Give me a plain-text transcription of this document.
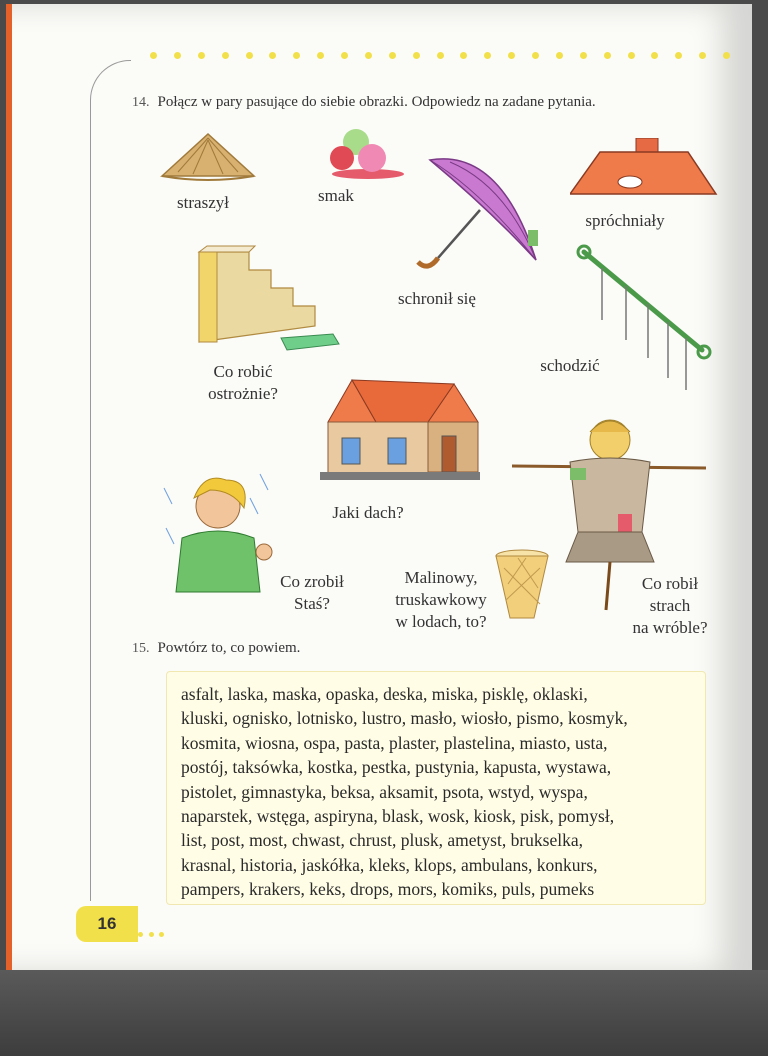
14. Połącz w pary pasujące do siebie obrazki. Odpowiedz na zadane pytania.
straszył	smak
spróchniały
schronił się
Co robić
ostrożnie?
schodzić
Jaki dach?
Co zrobił
Staś?
Malinowy,
truskawkowy
w lodach, to?
Co robił
strach
na wróble?
15. Powtórz to, co powiem.

asfalt, laska, maska, opaska, deska, miska, pisklę, oklaski,
kluski, ognisko, lotnisko, lustro, masło, wiosło, pismo, kosmyk,
kosmita, wiosna, ospa, pasta, plaster, plastelina, miasto, usta,
postój, taksówka, kostka, pestka, pustynia, kapusta, wystawa,
pistolet, gimnastyka, beksa, aksamit, psota, wstyd, wyspa,
naparstek, wstęga, aspiryna, blask, wosk, kiosk, pisk, pomysł,
list, post, most, chwast, chrust, plusk, ametyst, brukselka,
krasnal, historia, jaskółka, kleks, klops, ambulans, konkurs,
pampers, krakers, keks, drops, mors, komiks, puls, pumeks

16
